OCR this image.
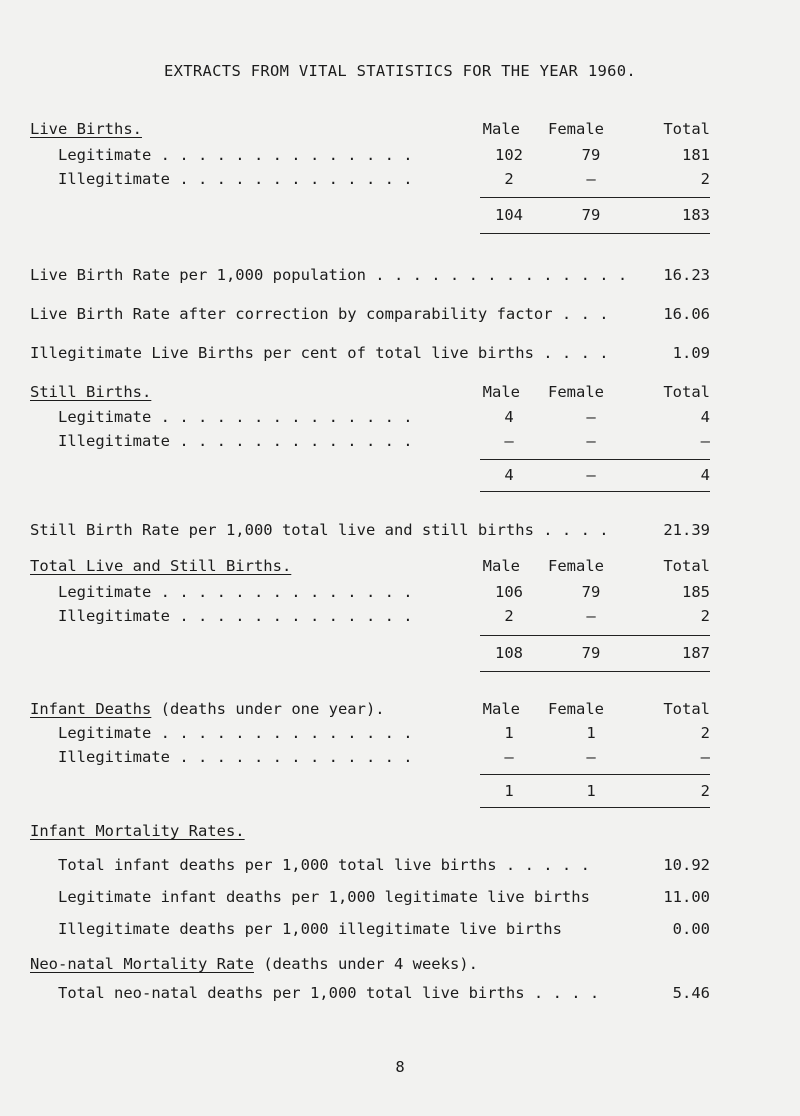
EXTRACTS FROM VITAL STATISTICS FOR THE YEAR 1960.
Live Births.	Male Female	Total
Legitimate . . . . . . . . . . . . . .	102	79	181
Illegitimate . . . . . . . . . . . . .	2	–	2
104	79	183
Live Birth Rate per 1,000 population . . . . . . . . . . . . . .	16.23
Live Birth Rate after correction by comparability factor . . .	16.06
Illegitimate Live Births per cent of total live births . . . .	1.09
Still Births.	Male Female	Total
Legitimate . . . . . . . . . . . . . .	4	–	4
Illegitimate . . . . . . . . . . . . .	–	–	–
4	–	4
Still Birth Rate per 1,000 total live and still births . . . .	21.39
Total Live and Still Births.	Male Female	Total
Legitimate . . . . . . . . . . . . . .	106	79	185
Illegitimate . . . . . . . . . . . . .	2	–	2
108	79	187
Infant Deaths (deaths under one year).	Male Female	Total
Legitimate . . . . . . . . . . . . . .	1	1	2
Illegitimate . . . . . . . . . . . . .	–	–	–
1	1	2
Infant Mortality Rates.
Total infant deaths per 1,000 total live births . . . . .	10.92
Legitimate infant deaths per 1,000 legitimate live births	11.00
Illegitimate deaths per 1,000 illegitimate live births	0.00
Neo-natal Mortality Rate (deaths under 4 weeks).
Total neo-natal deaths per 1,000 total live births . . . .	5.46
8
